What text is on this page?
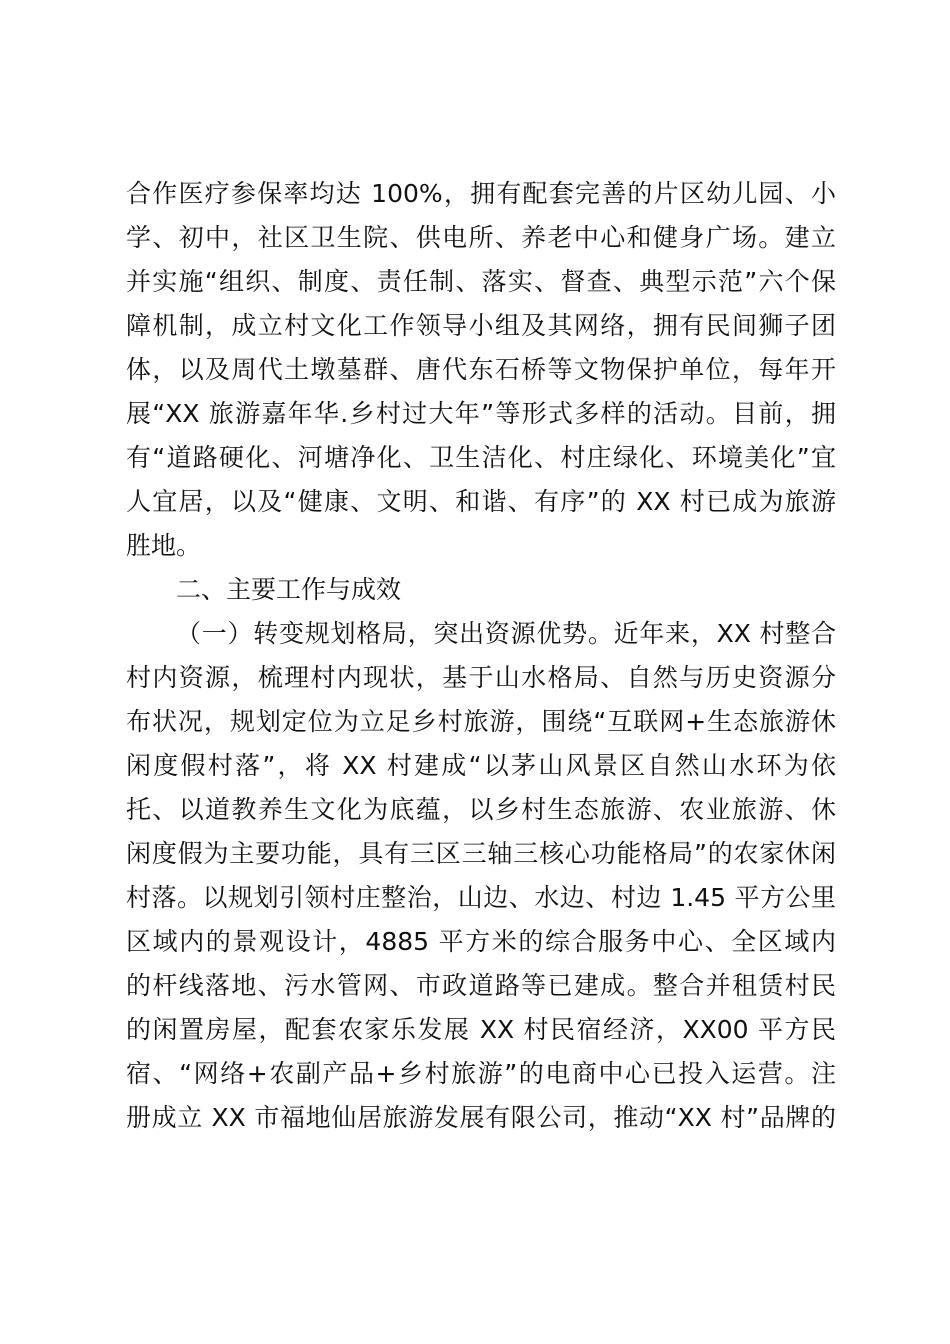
合作医疗参保率均达 100%，拥有配套完善的片区幼儿园、小
学、初中，社区卫生院、供电所、养老中心和健身广场。建立
并实施“组织、制度、责任制、落实、督查、典型示范”六个保
障机制，成立村文化工作领导小组及其网络，拥有民间狮子团
体，以及周代土墩墓群、唐代东石桥等文物保护单位，每年开
展“XX 旅游嘉年华.乡村过大年”等形式多样的活动。目前，拥
有“道路硬化、河塘净化、卫生洁化、村庄绿化、环境美化”宜
人宜居，以及“健康、文明、和谐、有序”的 XX 村已成为旅游
胜地。
二、主要工作与成效
（一）转变规划格局，突出资源优势。近年来，XX 村整合
村内资源，梳理村内现状，基于山水格局、自然与历史资源分
布状况，规划定位为立足乡村旅游，围绕“互联网+生态旅游休
闲度假村落”，将 XX 村建成“以茅山风景区自然山水环为依
托、以道教养生文化为底蕴，以乡村生态旅游、农业旅游、休
闲度假为主要功能，具有三区三轴三核心功能格局”的农家休闲
村落。以规划引领村庄整治，山边、水边、村边 1.45 平方公里
区域内的景观设计，4885 平方米的综合服务中心、全区域内
的杆线落地、污水管网、市政道路等已建成。整合并租赁村民
的闲置房屋，配套农家乐发展 XX 村民宿经济，XX00 平方民
宿、“网络+农副产品+乡村旅游”的电商中心已投入运营。注
册成立 XX 市福地仙居旅游发展有限公司，推动“XX 村”品牌的
